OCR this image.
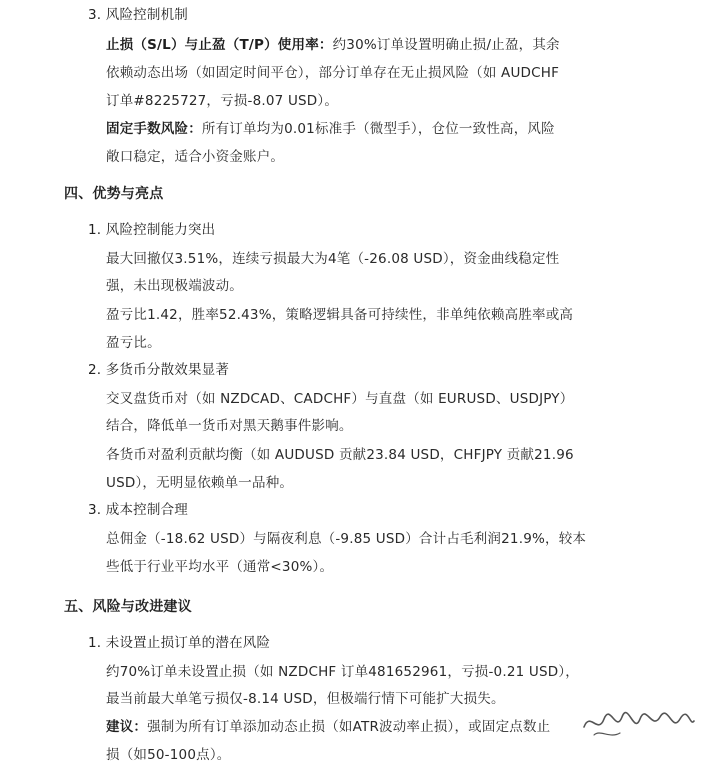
3. 风险控制机制
止损（S/L）与止盈（T/P）使用率：约30%订单设置明确止损/止盈，其余
依赖动态出场（如固定时间平仓），部分订单存在无止损风险（如 AUDCHF
订单#8225727，亏损-8.07 USD）。
固定手数风险：所有订单均为0.01标准手（微型手），仓位一致性高，风险
敞口稳定，适合小资金账户。
四、优势与亮点
1. 风险控制能力突出
最大回撤仅3.51%，连续亏损最大为4笔（-26.08 USD），资金曲线稳定性
强，未出现极端波动。
盈亏比1.42，胜率52.43%，策略逻辑具备可持续性，非单纯依赖高胜率或高
盈亏比。
2. 多货币分散效果显著
交叉盘货币对（如 NZDCAD、CADCHF）与直盘（如 EURUSD、USDJPY）
结合，降低单一货币对黑天鹅事件影响。
各货币对盈利贡献均衡（如 AUDUSD 贡献23.84 USD，CHFJPY 贡献21.96
USD），无明显依赖单一品种。
3. 成本控制合理
总佣金（-18.62 USD）与隔夜利息（-9.85 USD）合计占毛利润21.9%，较本
些低于行业平均水平（通常<30%）。
五、风险与改进建议
1. 未设置止损订单的潜在风险
约70%订单未设置止损（如 NZDCHF 订单481652961，亏损-0.21 USD），
最当前最大单笔亏损仅-8.14 USD，但极端行情下可能扩大损失。
建议：强制为所有订单添加动态止损（如ATR波动率止损），或固定点数止
损（如50-100点）。
